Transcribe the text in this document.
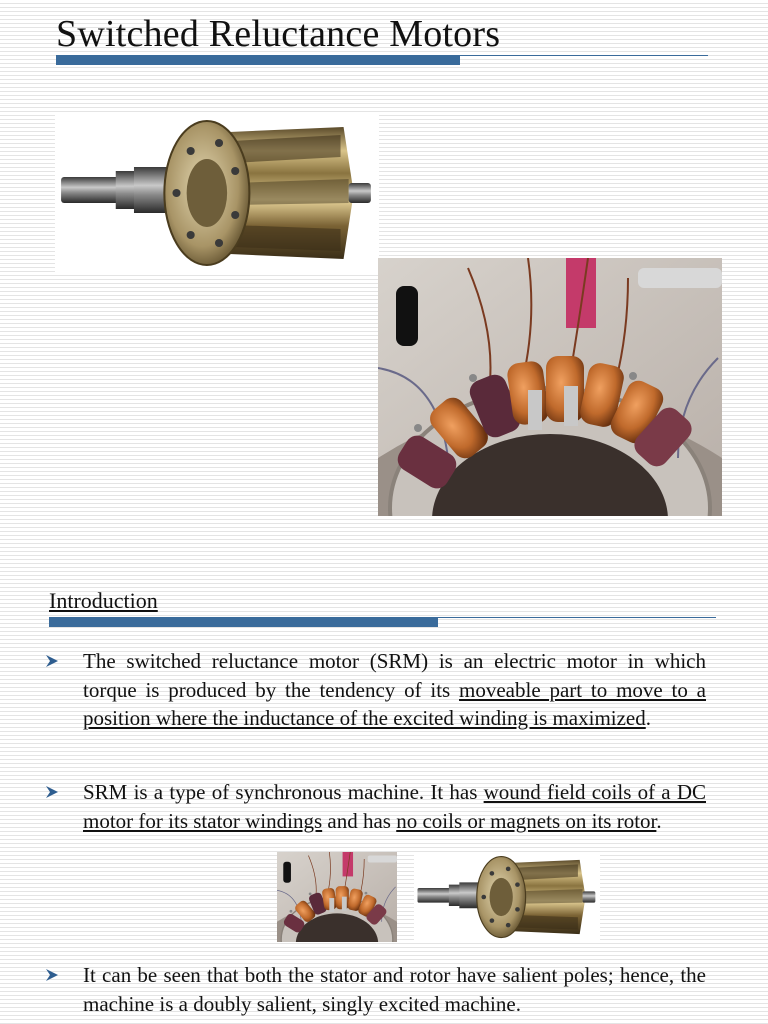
Switched Reluctance Motors
Introduction
The switched reluctance motor (SRM) is an electric motor in which torque is produced by the tendency of its moveable part to move to a position where the inductance of the excited winding is maximized.
SRM is a type of synchronous machine. It has wound field coils of a DC motor for its stator windings and has no coils or magnets on its rotor.
It can be seen that both the stator and rotor have salient poles; hence, the machine is a doubly salient, singly excited machine.
